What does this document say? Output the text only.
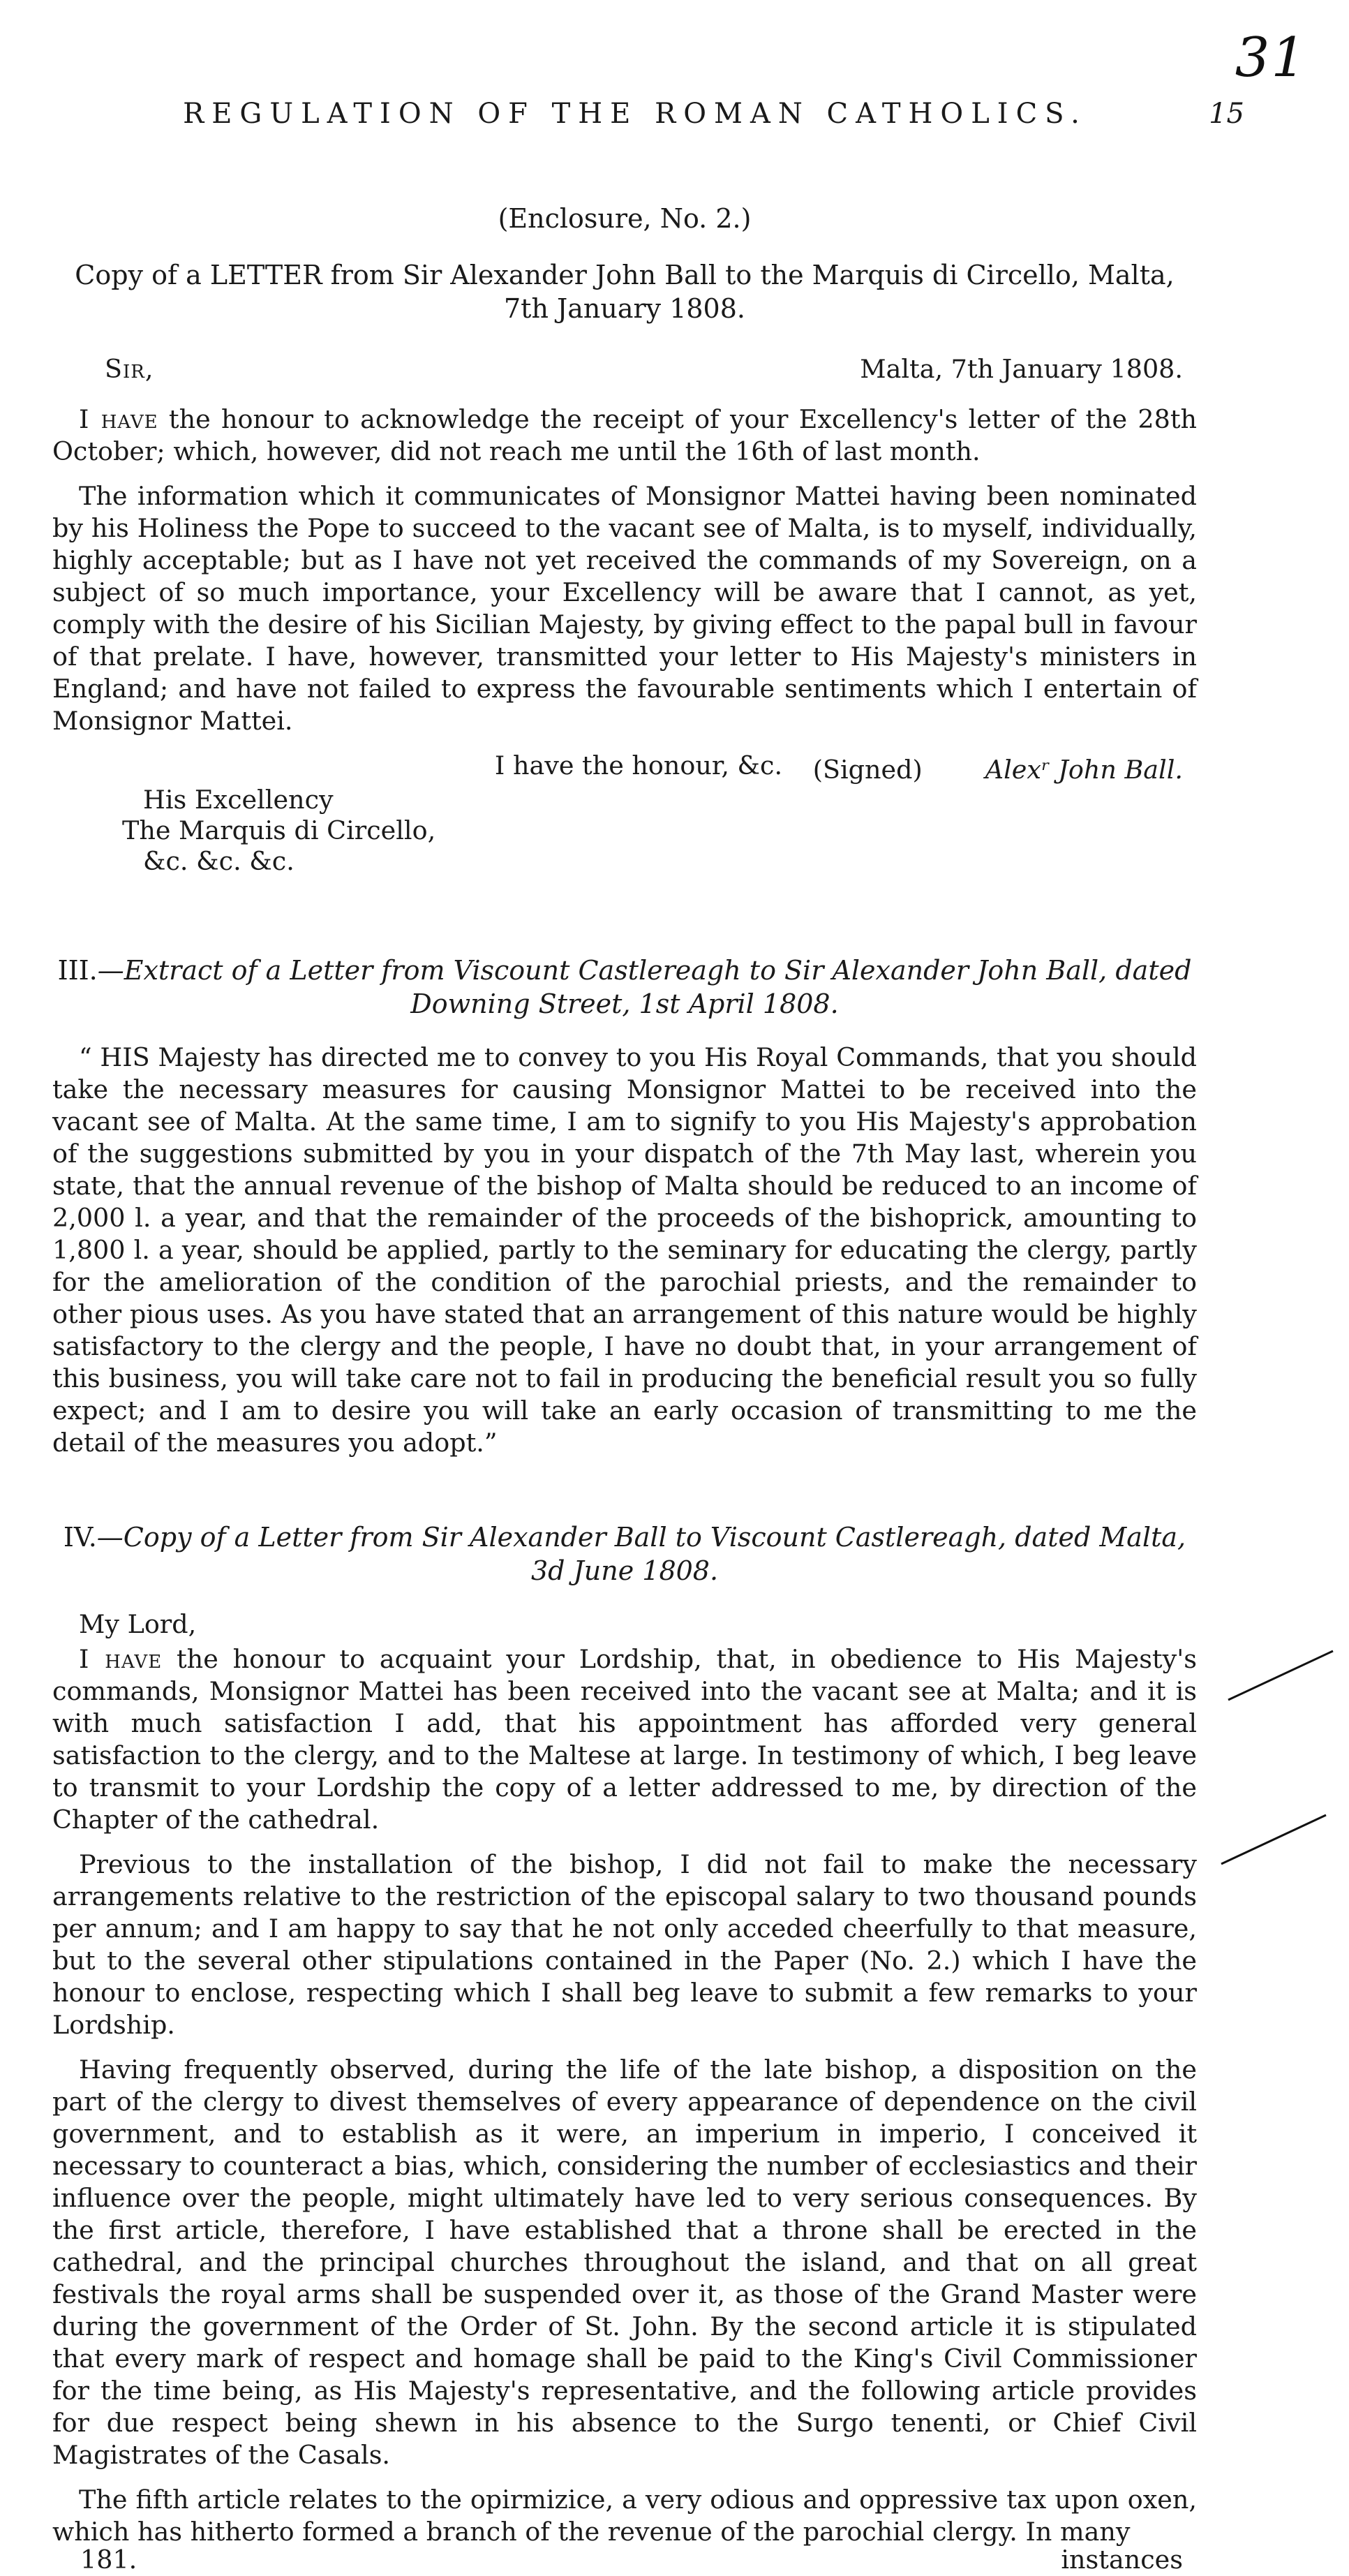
31
REGULATION OF THE ROMAN CATHOLICS.	15
(Enclosure, No. 2.)
Copy of a LETTER from Sir Alexander John Ball to the Marquis di Circello, Malta, 7th January 1808.
Sir,	Malta, 7th January 1808.

I have the honour to acknowledge the receipt of your Excellency's letter of the 28th October; which, however, did not reach me until the 16th of last month.

The information which it communicates of Monsignor Mattei having been nominated by his Holiness the Pope to succeed to the vacant see of Malta, is to myself, individually, highly acceptable; but as I have not yet received the commands of my Sovereign, on a subject of so much importance, your Excellency will be aware that I cannot, as yet, comply with the desire of his Sicilian Majesty, by giving effect to the papal bull in favour of that prelate. I have, however, transmitted your letter to His Majesty's ministers in England; and have not failed to express the favourable sentiments which I entertain of Monsignor Mattei.

I have the honour, &c.
His Excellency
The Marquis di Circello,
&c. &c. &c.
(Signed) Alexʳ John Ball.
III.—Extract of a Letter from Viscount Castlereagh to Sir Alexander John Ball, dated Downing Street, 1st April 1808.

“ HIS Majesty has directed me to convey to you His Royal Commands, that you should take the necessary measures for causing Monsignor Mattei to be received into the vacant see of Malta. At the same time, I am to signify to you His Majesty's approbation of the suggestions submitted by you in your dispatch of the 7th May last, wherein you state, that the annual revenue of the bishop of Malta should be reduced to an income of 2,000 l. a year, and that the remainder of the proceeds of the bishoprick, amounting to 1,800 l. a year, should be applied, partly to the seminary for educating the clergy, partly for the amelioration of the condition of the parochial priests, and the remainder to other pious uses. As you have stated that an arrangement of this nature would be highly satisfactory to the clergy and the people, I have no doubt that, in your arrangement of this business, you will take care not to fail in producing the beneficial result you so fully expect; and I am to desire you will take an early occasion of transmitting to me the detail of the measures you adopt.”

IV.—Copy of a Letter from Sir Alexander Ball to Viscount Castlereagh, dated Malta, 3d June 1808.
My Lord,

I have the honour to acquaint your Lordship, that, in obedience to His Majesty's commands, Monsignor Mattei has been received into the vacant see at Malta; and it is with much satisfaction I add, that his appointment has afforded very general satisfaction to the clergy, and to the Maltese at large. In testimony of which, I beg leave to transmit to your Lordship the copy of a letter addressed to me, by direction of the Chapter of the cathedral.

Previous to the installation of the bishop, I did not fail to make the necessary arrangements relative to the restriction of the episcopal salary to two thousand pounds per annum; and I am happy to say that he not only acceded cheerfully to that measure, but to the several other stipulations contained in the Paper (No. 2.) which I have the honour to enclose, respecting which I shall beg leave to submit a few remarks to your Lordship.

Having frequently observed, during the life of the late bishop, a disposition on the part of the clergy to divest themselves of every appearance of dependence on the civil government, and to establish as it were, an imperium in imperio, I conceived it necessary to counteract a bias, which, considering the number of ecclesiastics and their influence over the people, might ultimately have led to very serious consequences. By the first article, therefore, I have established that a throne shall be erected in the cathedral, and the principal churches throughout the island, and that on all great festivals the royal arms shall be suspended over it, as those of the Grand Master were during the government of the Order of St. John. By the second article it is stipulated that every mark of respect and homage shall be paid to the King's Civil Commissioner for the time being, as His Majesty's representative, and the following article provides for due respect being shewn in his absence to the Surgo tenenti, or Chief Civil Magistrates of the Casals.

The fifth article relates to the opirmizice, a very odious and oppressive tax upon oxen, which has hitherto formed a branch of the revenue of the parochial clergy. In many

181.	instances
